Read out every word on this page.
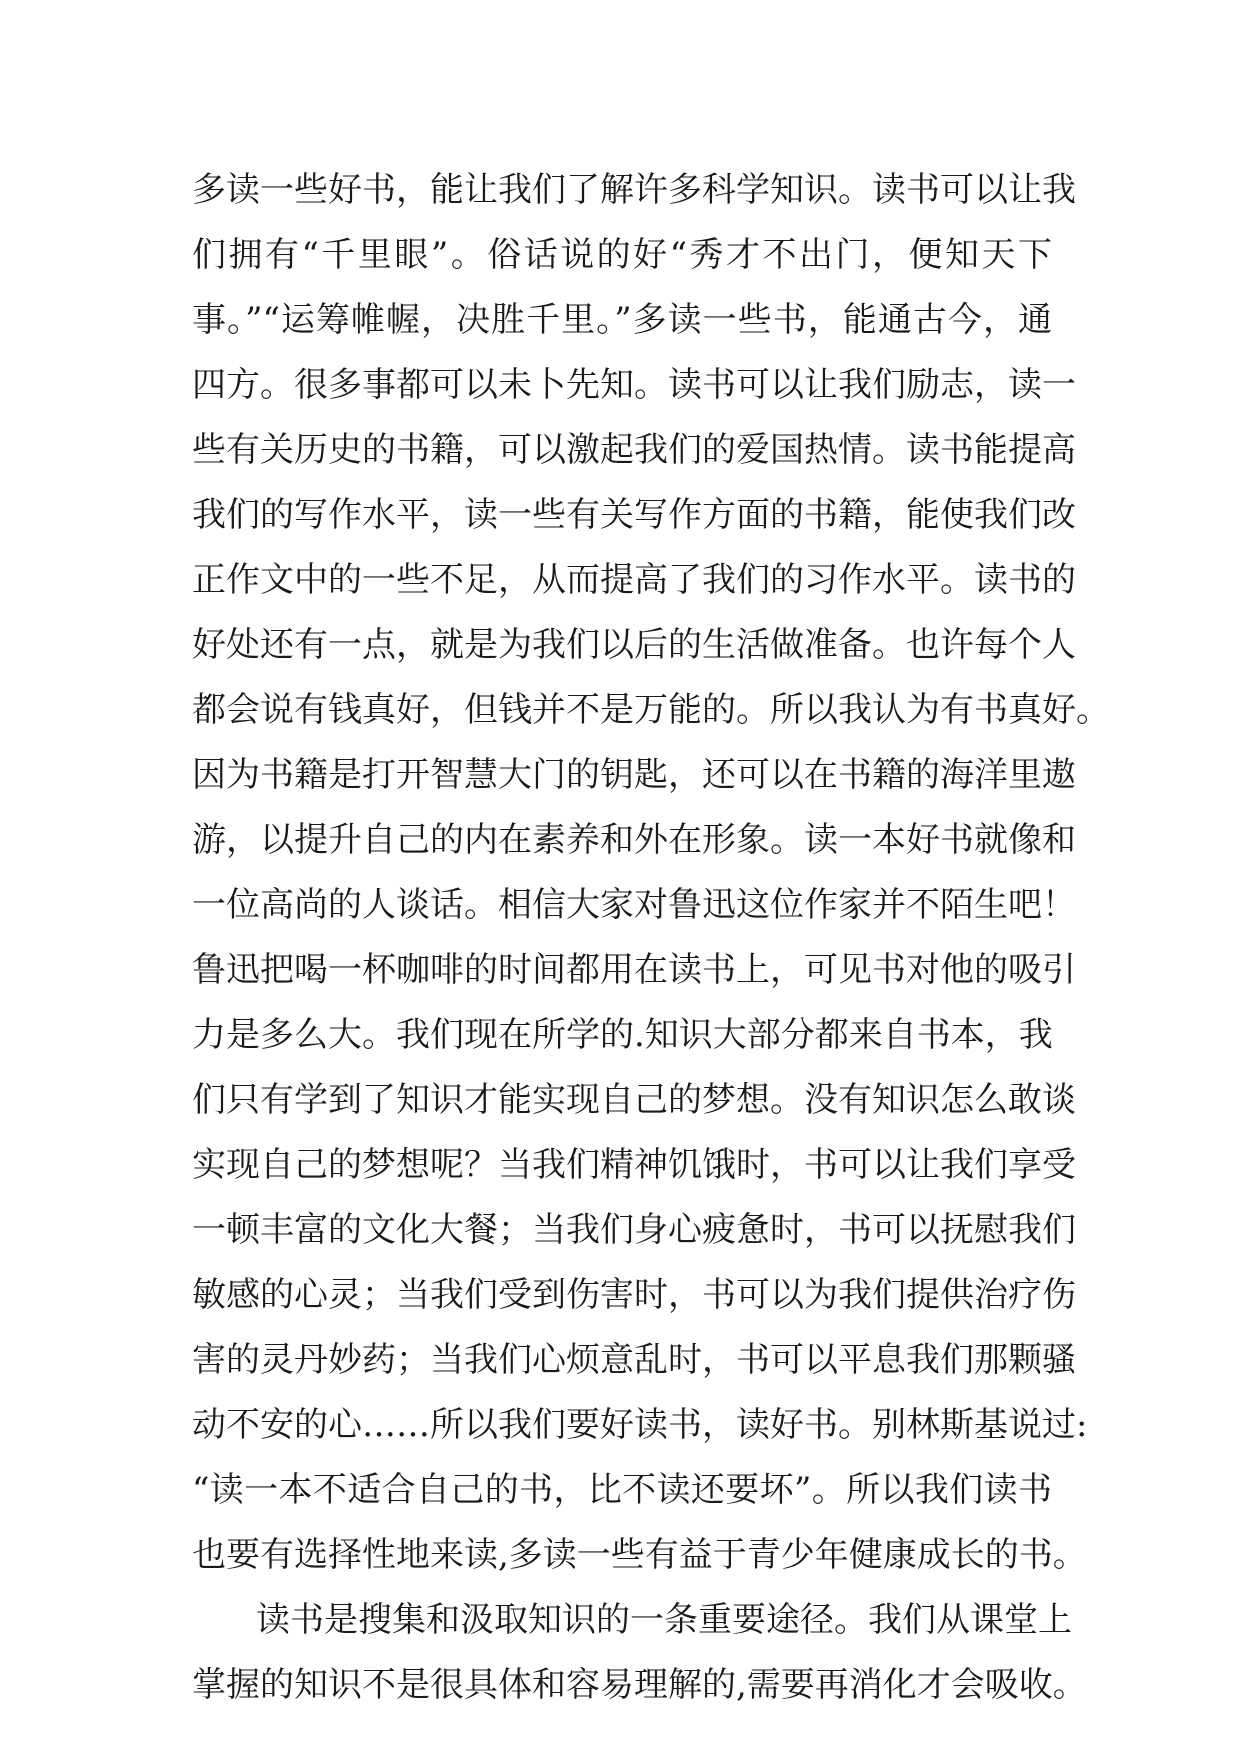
多读一些好书，能让我们了解许多科学知识。读书可以让我
们拥有“千里眼”。俗话说的好“秀才不出门，便知天下
事。”“运筹帷幄，决胜千里。”多读一些书，能通古今，通
四方。很多事都可以未卜先知。读书可以让我们励志，读一
些有关历史的书籍，可以激起我们的爱国热情。读书能提高
我们的写作水平，读一些有关写作方面的书籍，能使我们改
正作文中的一些不足，从而提高了我们的习作水平。读书的
好处还有一点，就是为我们以后的生活做准备。也许每个人
都会说有钱真好，但钱并不是万能的。所以我认为有书真好。
因为书籍是打开智慧大门的钥匙，还可以在书籍的海洋里遨
游，以提升自己的内在素养和外在形象。读一本好书就像和
一位高尚的人谈话。相信大家对鲁迅这位作家并不陌生吧！
鲁迅把喝一杯咖啡的时间都用在读书上，可见书对他的吸引
力是多么大。我们现在所学的.知识大部分都来自书本，我
们只有学到了知识才能实现自己的梦想。没有知识怎么敢谈
实现自己的梦想呢？当我们精神饥饿时，书可以让我们享受
一顿丰富的文化大餐；当我们身心疲惫时，书可以抚慰我们
敏感的心灵；当我们受到伤害时，书可以为我们提供治疗伤
害的灵丹妙药；当我们心烦意乱时，书可以平息我们那颗骚
动不安的心……所以我们要好读书，读好书。别林斯基说过:
“读一本不适合自己的书，比不读还要坏”。所以我们读书
也要有选择性地来读,多读一些有益于青少年健康成长的书。
读书是搜集和汲取知识的一条重要途径。我们从课堂上
掌握的知识不是很具体和容易理解的,需要再消化才会吸收。
